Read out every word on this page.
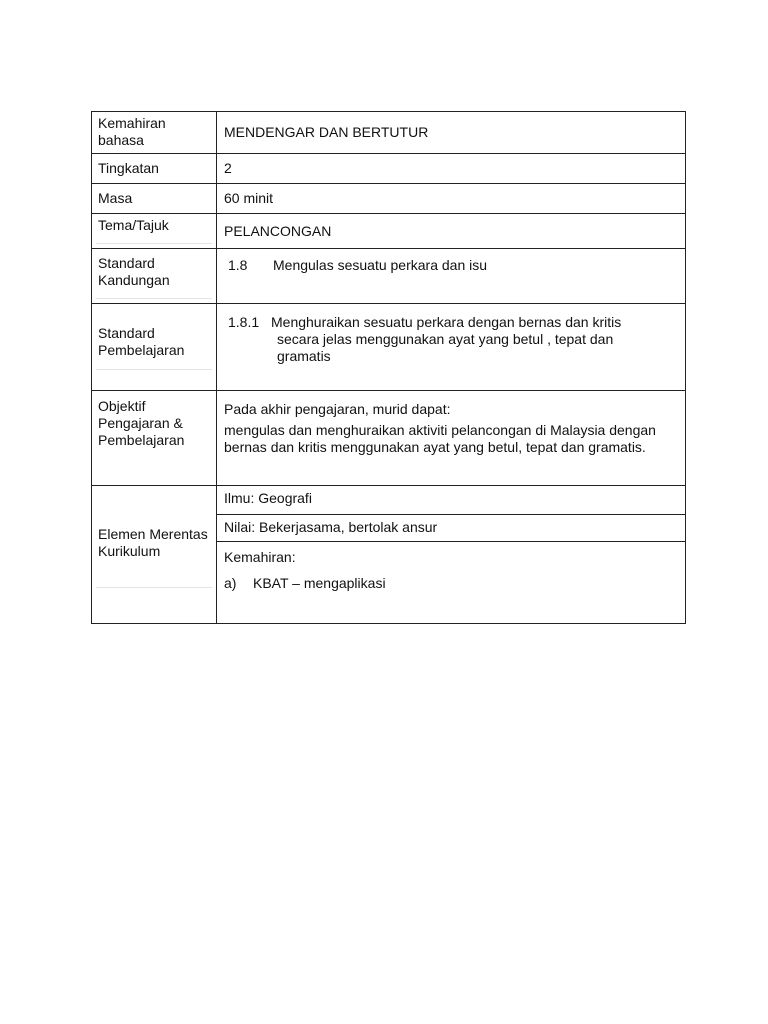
Kemahiran bahasa	MENDENGAR DAN BERTUTUR

Tingkatan	2

Masa	60 minit

Tema/Tajuk	PELANCONGAN

Standard Kandungan	1.8 Mengulas sesuatu perkara dan isu

Standard Pembelajaran	1.8.1 Menghuraikan sesuatu perkara dengan bernas dan kritis
secara jelas menggunakan ayat yang betul , tepat dan
gramatis

Objektif Pengajaran & Pembelajaran	Pada akhir pengajaran, murid dapat:
mengulas dan menghuraikan aktiviti pelancongan di Malaysia dengan bernas dan kritis menggunakan ayat yang betul, tepat dan gramatis.

Elemen Merentas Kurikulum	Ilmu: Geografi
Nilai: Bekerjasama, bertolak ansur
Kemahiran:
a) KBAT – mengaplikasi
